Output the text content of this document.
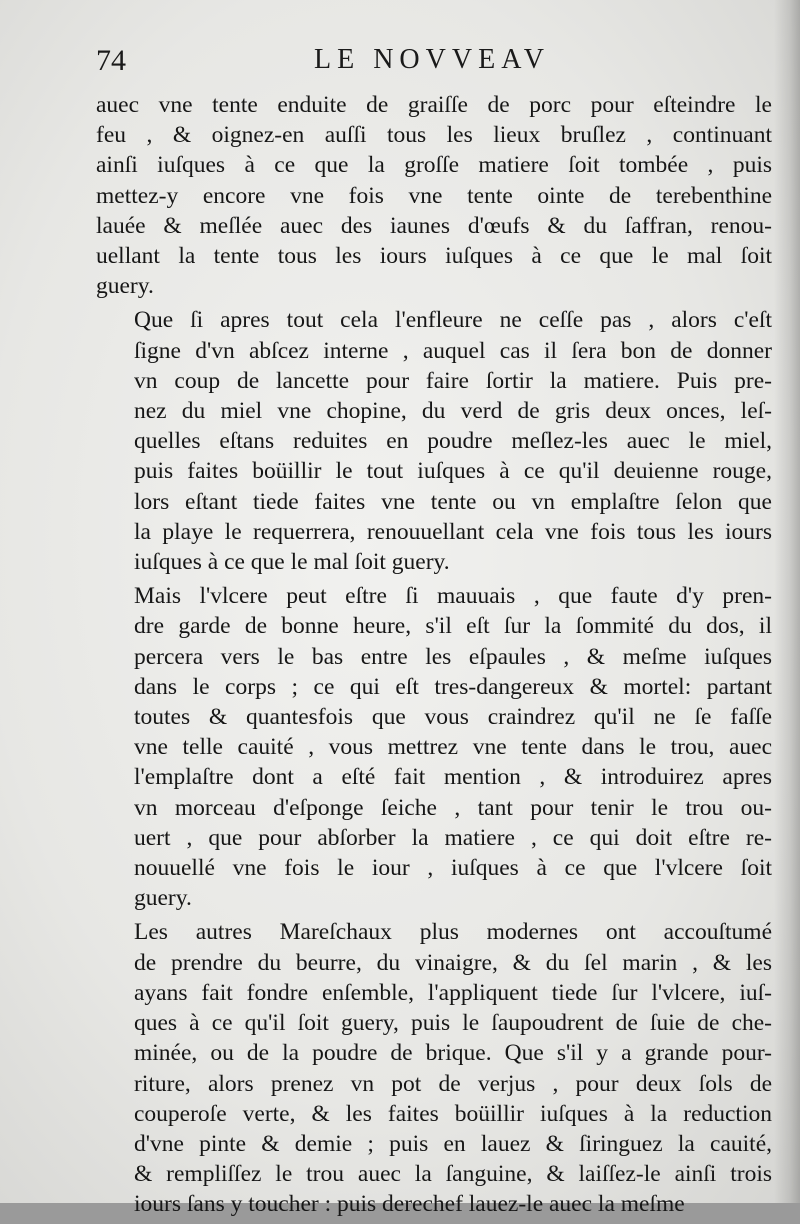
74	LE NOVVEAV

auec vne tente enduite de graiſſe de porc pour eſteindre le
feu , & oignez-en auſſi tous les lieux bruſlez , continuant
ainſi iuſques à ce que la groſſe matiere ſoit tombée , puis
mettez-y encore vne fois vne tente ointe de terebenthine
lauée & meſlée auec des iaunes d'œufs & du ſaffran, renou-
uellant la tente tous les iours iuſques à ce que le mal ſoit
guery.

Que ſi apres tout cela l'enfleure ne ceſſe pas , alors c'eſt
ſigne d'vn abſcez interne , auquel cas il ſera bon de donner
vn coup de lancette pour faire ſortir la matiere. Puis pre-
nez du miel vne chopine, du verd de gris deux onces, leſ-
quelles eſtans reduites en poudre meſlez-les auec le miel,
puis faites boüillir le tout iuſques à ce qu'il deuienne rouge,
lors eſtant tiede faites vne tente ou vn emplaſtre ſelon que
la playe le requerrera, renouuellant cela vne fois tous les iours
iuſques à ce que le mal ſoit guery.

Mais l'vlcere peut eſtre ſi mauuais , que faute d'y pren-
dre garde de bonne heure, s'il eſt ſur la ſommité du dos, il
percera vers le bas entre les eſpaules , & meſme iuſques
dans le corps ; ce qui eſt tres-dangereux & mortel: partant
toutes & quantesfois que vous craindrez qu'il ne ſe faſſe
vne telle cauité , vous mettrez vne tente dans le trou, auec
l'emplaſtre dont a eſté fait mention , & introduirez apres
vn morceau d'eſponge ſeiche , tant pour tenir le trou ou-
uert , que pour abſorber la matiere , ce qui doit eſtre re-
nouuellé vne fois le iour , iuſques à ce que l'vlcere ſoit
guery.

Les autres Mareſchaux plus modernes ont accouſtumé
de prendre du beurre, du vinaigre, & du ſel marin , & les
ayans fait fondre enſemble, l'appliquent tiede ſur l'vlcere, iuſ-
ques à ce qu'il ſoit guery, puis le ſaupoudrent de ſuie de che-
minée, ou de la poudre de brique. Que s'il y a grande pour-
riture, alors prenez vn pot de verjus , pour deux ſols de
couperoſe verte, & les faites boüillir iuſques à la reduction
d'vne pinte & demie ; puis en lauez & ſiringuez la cauité,
& rempliſſez le trou auec la ſanguine, & laiſſez-le ainſi trois
iours ſans y toucher : puis derechef lauez-le auec la meſme
